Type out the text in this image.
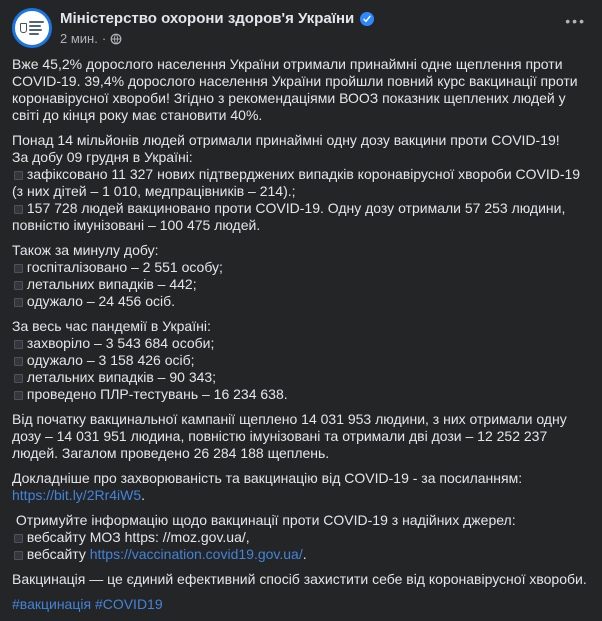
Міністерство охорони здоров'я України
2 мин. ·
•••
Вже 45,2% дорослого населення України отримали принаймні одне щеплення проти COVID-19. 39,4% дорослого населення України пройшли повний курс вакцинації проти коронавірусної хвороби! Згідно з рекомендаціями ВООЗ показник щеплених людей у світі до кінця року має становити 40%.
Понад 14 мільйонів людей отримали принаймні одну дозу вакцини проти COVID-19!
За добу 09 грудня в Україні:
зафіксовано 11 327 нових підтверджених випадків коронавірусної хвороби COVID-19 (з них дітей – 1 010, медпрацівників – 214).;
157 728 людей вакциновано проти COVID-19. Одну дозу отримали 57 253 людини, повністю імунізовані – 100 475 людей.
Також за минулу добу:
госпіталізовано – 2 551 особу;
летальних випадків – 442;
одужало – 24 456 осіб.
За весь час пандемії в Україні:
захворіло – 3 543 684 особи;
одужало – 3 158 426 осіб;
летальних випадків – 90 343;
проведено ПЛР-тестувань – 16 234 638.
Від початку вакцинальної кампанії щеплено 14 031 953 людини, з них отримали одну дозу – 14 031 951 людина, повністю імунізовані та отримали дві дози – 12 252 237 людей. Загалом проведено 26 284 188 щеплень.
Докладніше про захворюваність та вакцинацію від COVID-19 - за посиланням:
https://bit.ly/2Rr4iW5.
Отримуйте інформацію щодо вакцинації проти COVID-19 з надійних джерел:
вебсайту МОЗ https: //moz.gov.ua/,
вебсайту https://vaccination.covid19.gov.ua/.
Вакцинація — це єдиний ефективний спосіб захистити себе від коронавірусної хвороби.
#вакцинація #COVID19
